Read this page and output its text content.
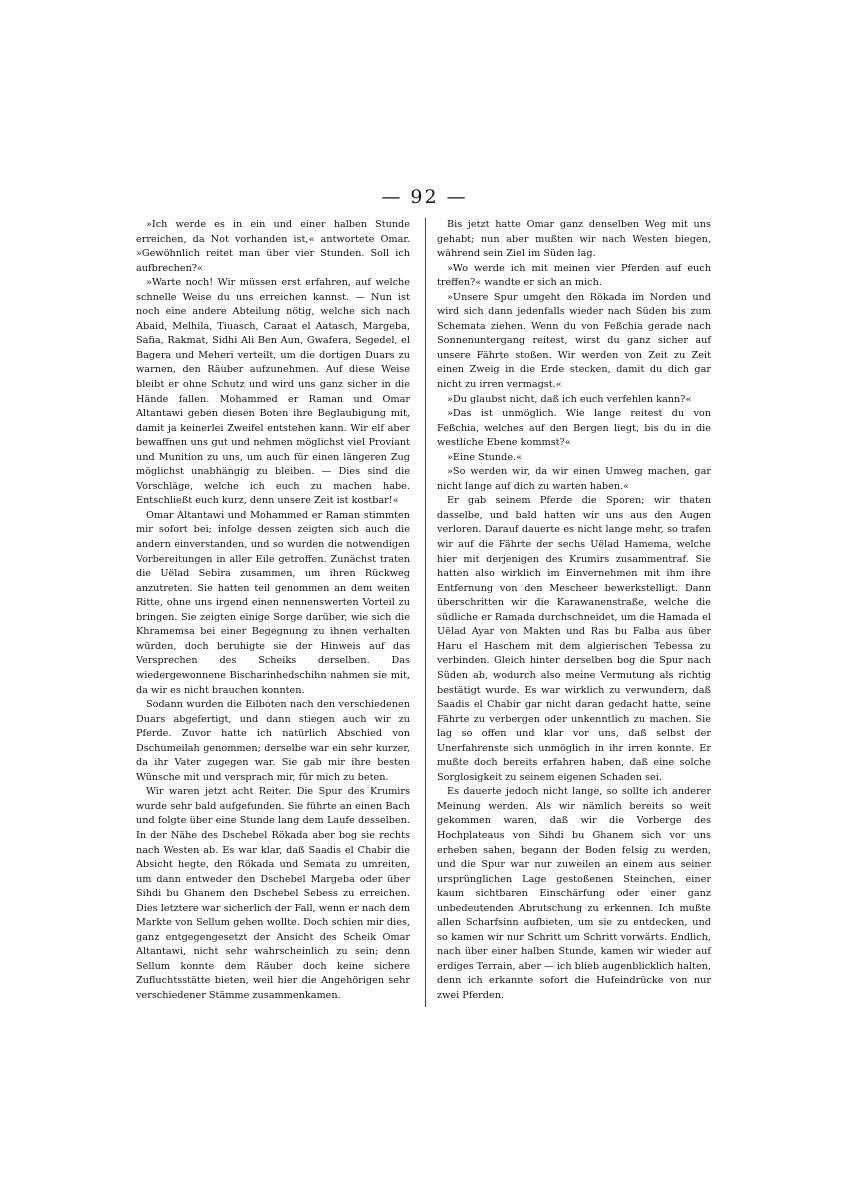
— 92 —

»Ich werde es in ein und einer halben Stunde erreichen, da Not vorhanden ist,« antwortete Omar. »Gewöhnlich reitet man über vier Stunden. Soll ich aufbrechen?«

»Warte noch! Wir müssen erst erfahren, auf welche schnelle Weise du uns erreichen kannst. — Nun ist noch eine andere Abteilung nötig, welche sich nach Abaid, Melhila, Tiuasch, Caraat el Aatasch, Margeba, Safia, Rakmat, Sidhi Ali Ben Aun, Gwafera, Segedel, el Bagera und Meheri verteilt, um die dortigen Duars zu warnen, den Räuber aufzunehmen. Auf diese Weise bleibt er ohne Schutz und wird uns ganz sicher in die Hände fallen. Mohammed er Raman und Omar Altantawi geben diesen Boten ihre Beglaubigung mit, damit ja keinerlei Zweifel entstehen kann. Wir elf aber bewaffnen uns gut und nehmen möglichst viel Proviant und Munition zu uns, um auch für einen längeren Zug möglichst unabhängig zu bleiben. — Dies sind die Vorschläge, welche ich euch zu machen habe. Entschließt euch kurz, denn unsere Zeit ist kostbar!«

Omar Altantawi und Mohammed er Raman stimmten mir sofort bei; infolge dessen zeigten sich auch die andern einverstanden, und so wurden die notwendigen Vorbereitungen in aller Eile getroffen. Zunächst traten die Uëlad Sebira zusammen, um ihren Rückweg anzutreten. Sie hatten teil genommen an dem weiten Ritte, ohne uns irgend einen nennenswerten Vorteil zu bringen. Sie zeigten einige Sorge darüber, wie sich die Khramemsa bei einer Begegnung zu ihnen verhalten würden, doch beruhigte sie der Hinweis auf das Versprechen des Scheiks derselben. Das wiedergewonnene Bischarinhedschihn nahmen sie mit, da wir es nicht brauchen konnten.

Sodann wurden die Eilboten nach den verschiedenen Duars abgefertigt, und dann stiegen auch wir zu Pferde. Zuvor hatte ich natürlich Abschied von Dschumeilah genommen; derselbe war ein sehr kurzer, da ihr Vater zugegen war. Sie gab mir ihre besten Wünsche mit und versprach mir, für mich zu beten.

Wir waren jetzt acht Reiter. Die Spur des Krumirs wurde sehr bald aufgefunden. Sie führte an einen Bach und folgte über eine Stunde lang dem Laufe desselben. In der Nähe des Dschebel Rökada aber bog sie rechts nach Westen ab. Es war klar, daß Saadis el Chabir die Absicht hegte, den Rökada und Semata zu umreiten, um dann entweder den Dschebel Margeba oder über Sihdi bu Ghanem den Dschebel Sebess zu erreichen. Dies letztere war sicherlich der Fall, wenn er nach dem Markte von Sellum gehen wollte. Doch schien mir dies, ganz entgegengesetzt der Ansicht des Scheik Omar Altantawi, nicht sehr wahrscheinlich zu sein; denn Sellum konnte dem Räuber doch keine sichere Zufluchtsstätte bieten, weil hier die Angehörigen sehr verschiedener Stämme zusammenkamen.

Bis jetzt hatte Omar ganz denselben Weg mit uns gehabt; nun aber mußten wir nach Westen biegen, während sein Ziel im Süden lag.

»Wo werde ich mit meinen vier Pferden auf euch treffen?« wandte er sich an mich.

»Unsere Spur umgeht den Rökada im Norden und wird sich dann jedenfalls wieder nach Süden bis zum Schemata ziehen. Wenn du von Feßchia gerade nach Sonnenuntergang reitest, wirst du ganz sicher auf unsere Fährte stoßen. Wir werden von Zeit zu Zeit einen Zweig in die Erde stecken, damit du dich gar nicht zu irren vermagst.«

»Du glaubst nicht, daß ich euch verfehlen kann?«

»Das ist unmöglich. Wie lange reitest du von Feßchia, welches auf den Bergen liegt, bis du in die westliche Ebene kommst?«

»Eine Stunde.«

»So werden wir, da wir einen Umweg machen, gar nicht lange auf dich zu warten haben.«

Er gab seinem Pferde die Sporen; wir thaten dasselbe, und bald hatten wir uns aus den Augen verloren. Darauf dauerte es nicht lange mehr, so trafen wir auf die Fährte der sechs Uëlad Hamema, welche hier mit derjenigen des Krumirs zusammentraf. Sie hatten also wirklich im Einvernehmen mit ihm ihre Entfernung von den Mescheer bewerkstelligt. Dann überschritten wir die Karawanenstraße, welche die südliche er Ramada durchschneidet, um die Hamada el Uëlad Ayar von Makten und Ras bu Falba aus über Haru el Haschem mit dem algierischen Tebessa zu verbinden. Gleich hinter derselben bog die Spur nach Süden ab, wodurch also meine Vermutung als richtig bestätigt wurde. Es war wirklich zu verwundern, daß Saadis el Chabir gar nicht daran gedacht hatte, seine Fährte zu verbergen oder unkenntlich zu machen. Sie lag so offen und klar vor uns, daß selbst der Unerfahrenste sich unmöglich in ihr irren konnte. Er mußte doch bereits erfahren haben, daß eine solche Sorglosigkeit zu seinem eigenen Schaden sei.

Es dauerte jedoch nicht lange, so sollte ich anderer Meinung werden. Als wir nämlich bereits so weit gekommen waren, daß wir die Vorberge des Hochplateaus von Sihdi bu Ghanem sich vor uns erheben sahen, begann der Boden felsig zu werden, und die Spur war nur zuweilen an einem aus seiner ursprünglichen Lage gestoßenen Steinchen, einer kaum sichtbaren Einschärfung oder einer ganz unbedeutenden Abrutschung zu erkennen. Ich mußte allen Scharfsinn aufbieten, um sie zu entdecken, und so kamen wir nur Schritt um Schritt vorwärts. Endlich, nach über einer halben Stunde, kamen wir wieder auf erdiges Terrain, aber — ich blieb augenblicklich halten, denn ich erkannte sofort die Hufeindrücke von nur zwei Pferden.
